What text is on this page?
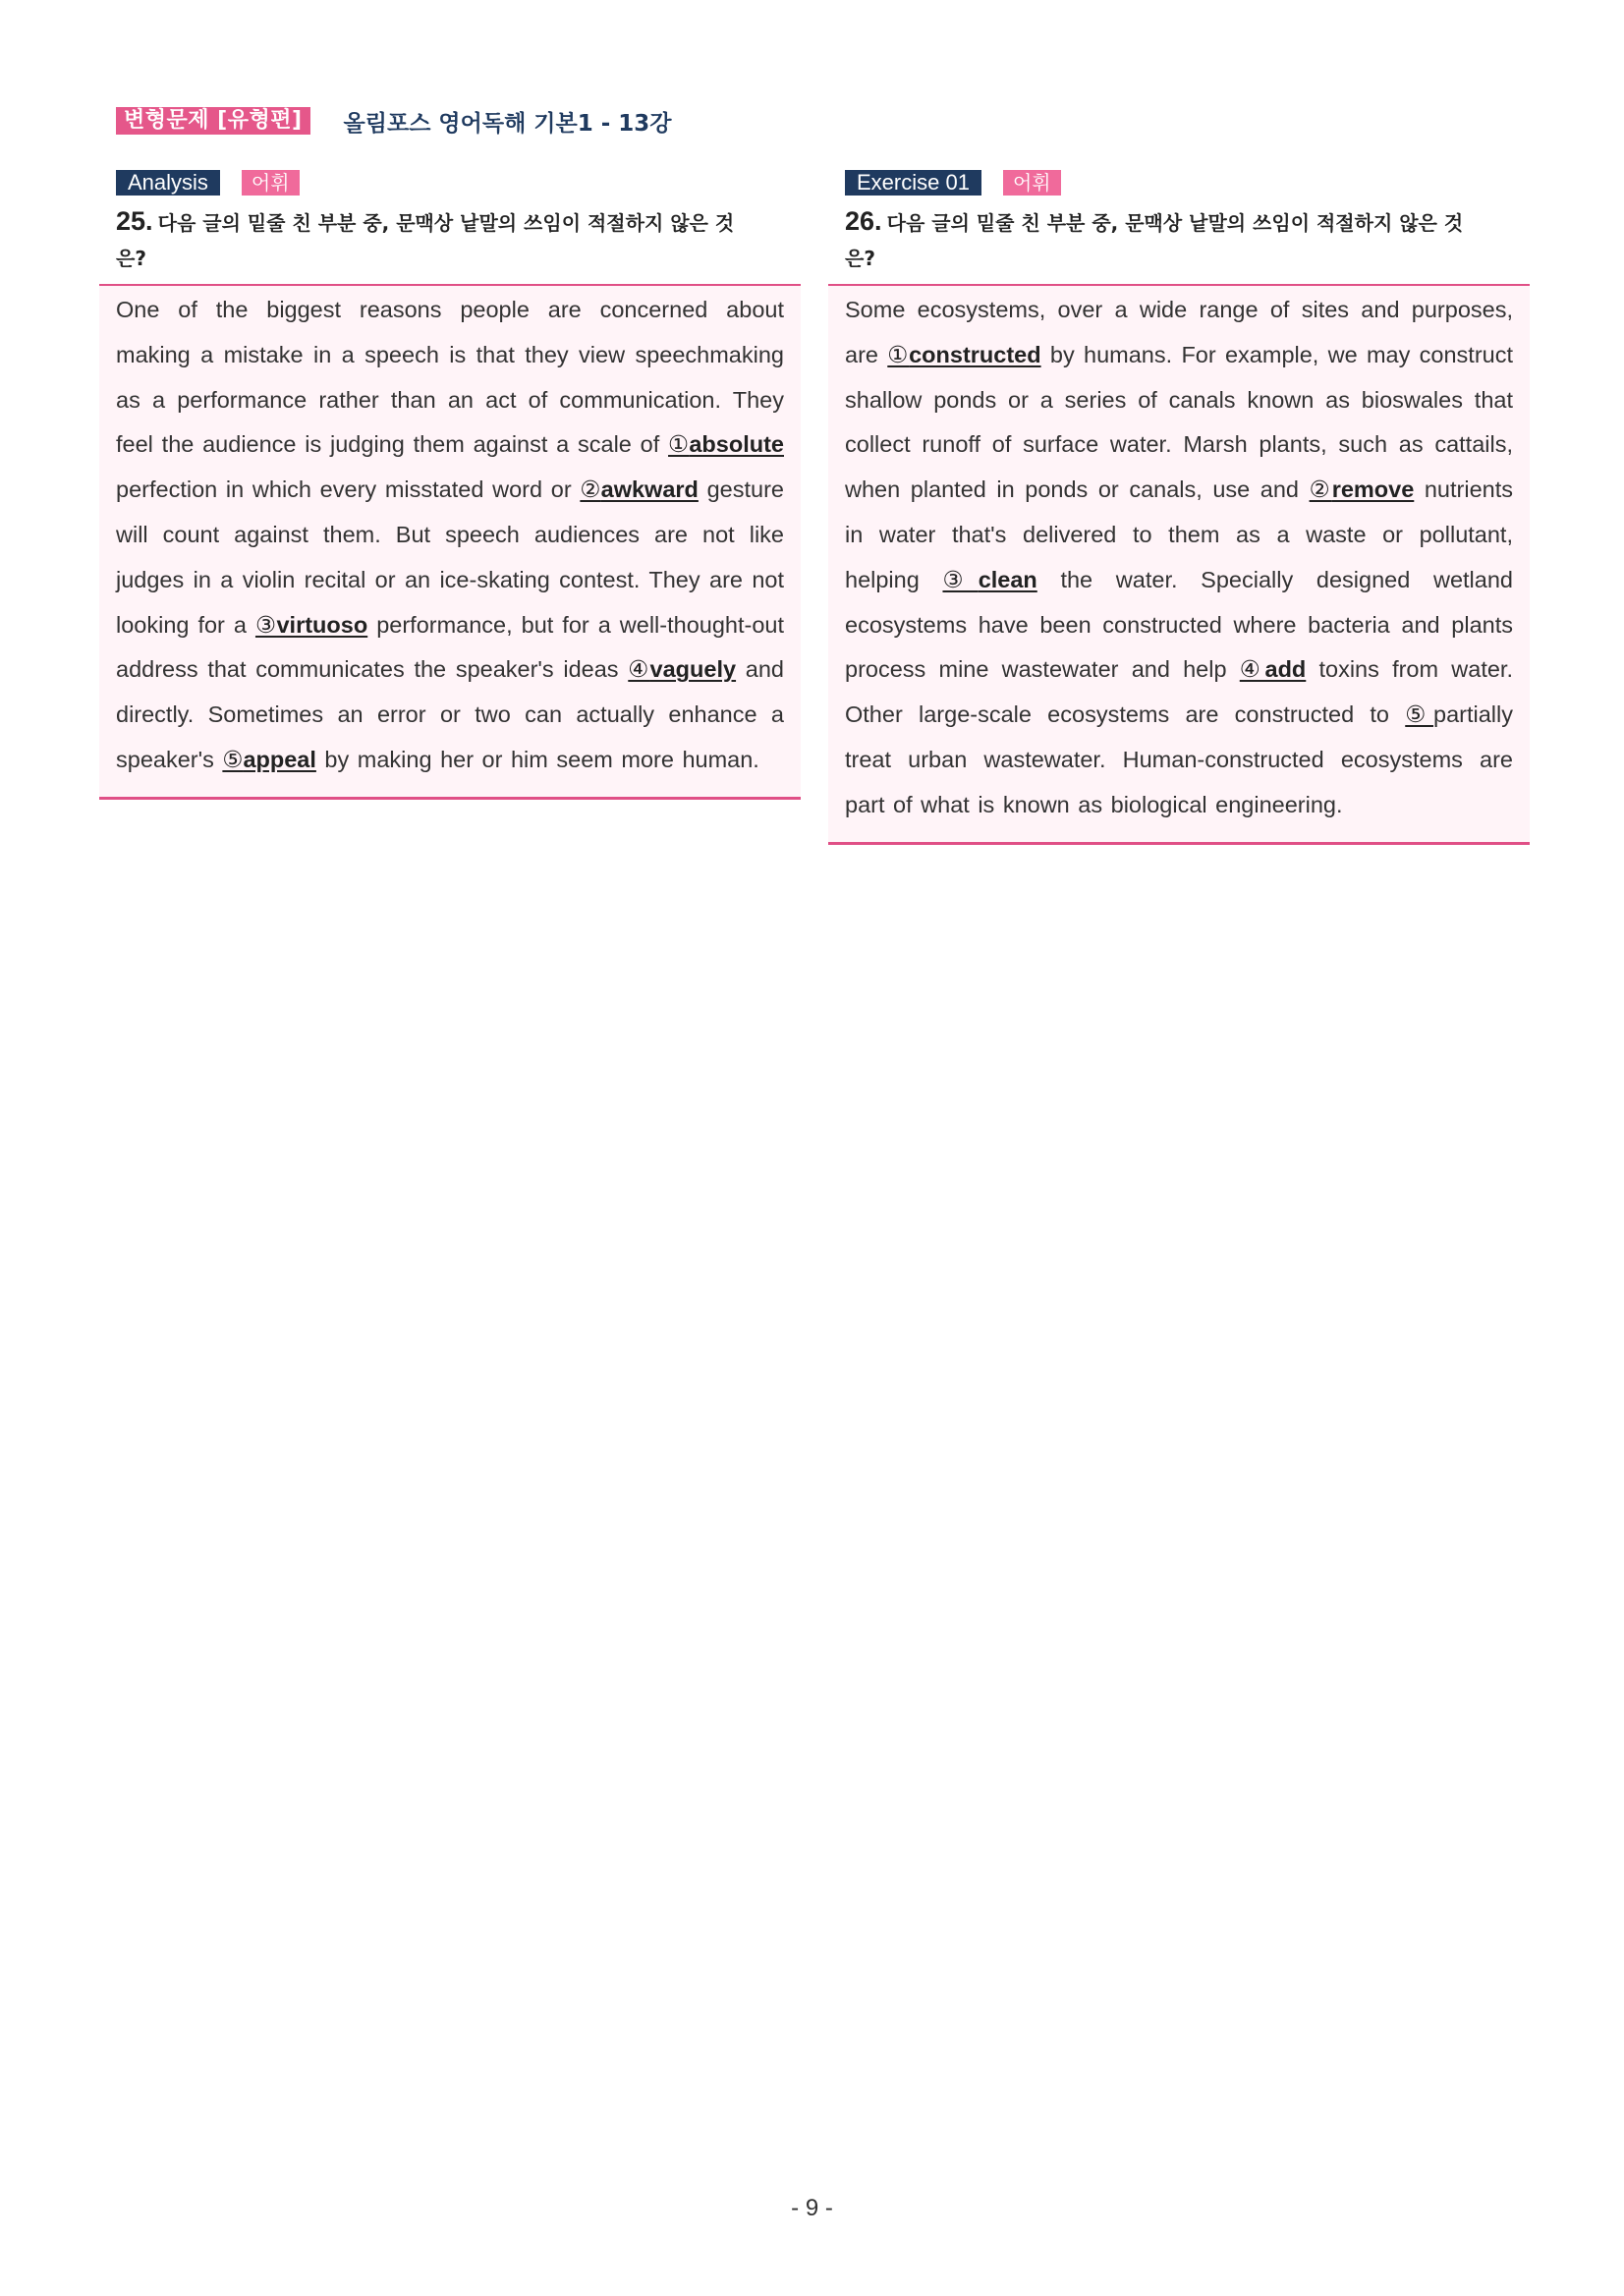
변형문제 [유형편]	올림포스 영어독해 기본1 - 13강
Analysis	어휘
25. 다음 글의 밑줄 친 부분 중, 문맥상 낱말의 쓰임이 적절하지 않은 것은?

One of the biggest reasons people are concerned about making a mistake in a speech is that they view speechmaking as a performance rather than an act of communication. They feel the audience is judging them against a scale of ①absolute perfection in which every misstated word or ②awkward gesture will count against them. But speech audiences are not like judges in a violin recital or an ice-skating contest. They are not looking for a ③virtuoso performance, but for a well-thought-out address that communicates the speaker's ideas ④vaguely and directly. Sometimes an error or two can actually enhance a speaker's ⑤appeal by making her or him seem more human.

Exercise 01	어휘
26. 다음 글의 밑줄 친 부분 중, 문맥상 낱말의 쓰임이 적절하지 않은 것은?

Some ecosystems, over a wide range of sites and purposes, are ①constructed by humans. For example, we may construct shallow ponds or a series of canals known as bioswales that collect runoff of surface water. Marsh plants, such as cattails, when planted in ponds or canals, use and ②remove nutrients in water that's delivered to them as a waste or pollutant, helping ③clean the water. Specially designed wetland ecosystems have been constructed where bacteria and plants process mine wastewater and help ④add toxins from water. Other large-scale ecosystems are constructed to ⑤partially treat urban wastewater. Human-constructed ecosystems are part of what is known as biological engineering.

- 9 -
